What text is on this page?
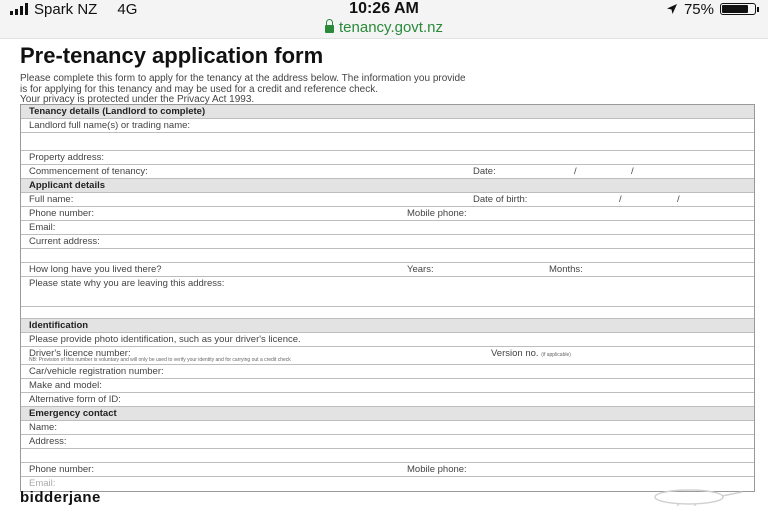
Spark NZ 4G	10:26 AM	75%
tenancy.govt.nz
Pre-tenancy application form
Please complete this form to apply for the tenancy at the address below. The information you provide
is for applying for this tenancy and may be used for a credit and reference check.
Your privacy is protected under the Privacy Act 1993.
Tenancy details (Landlord to complete)
Landlord full name(s) or trading name:
Property address:
Commencement of tenancy:	Date:	/	/
Applicant details
Full name:	Date of birth:	/	/
Phone number:	Mobile phone:
Email:
Current address:
How long have you lived there?	Years:	Months:
Please state why you are leaving this address:
Identification
Please provide photo identification, such as your driver's licence.
Driver's licence number:	Version no. (if applicable)
NB: Provision of this number is voluntary and will only be used to verify your identity and for carrying out a credit check
Car/vehicle registration number:
Make and model:
Alternative form of ID:
Emergency contact
Name:
Address:
Phone number:	Mobile phone:
Email:
bidderjane
